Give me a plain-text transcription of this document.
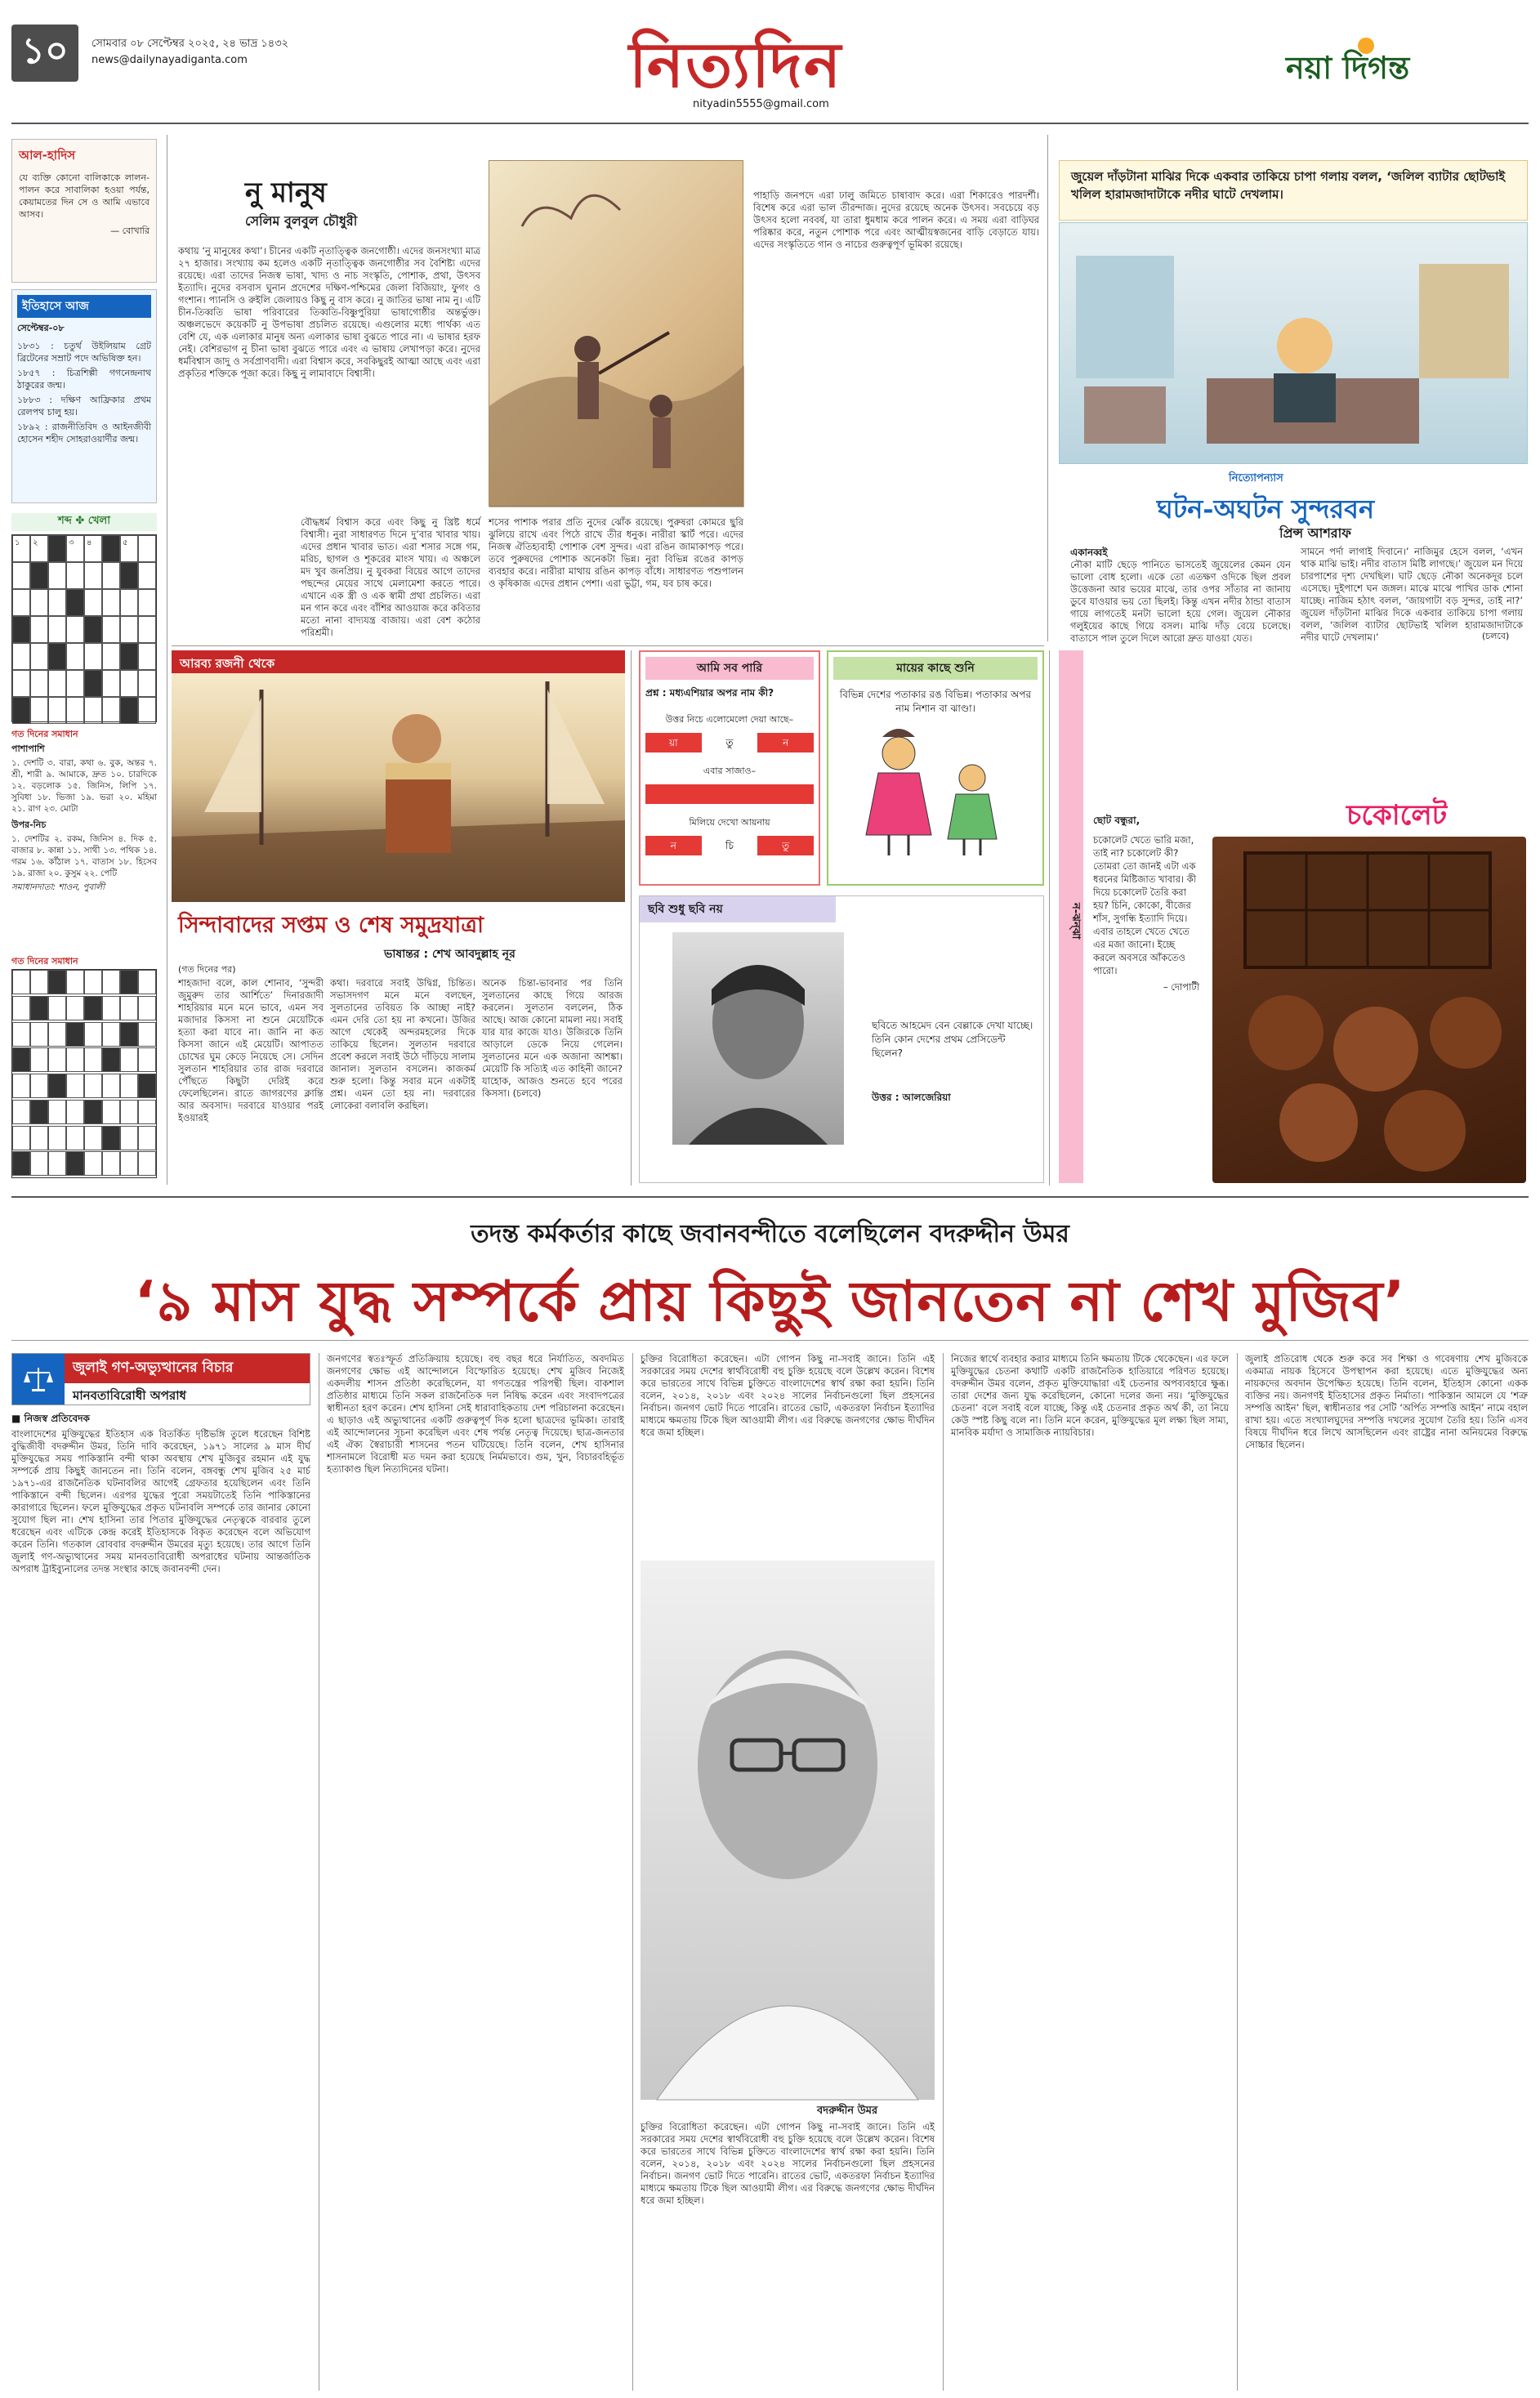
১০	সোমবার ০৮ সেপ্টেম্বর ২০২৫, ২৪ ভাদ্র ১৪৩২
news@dailynayadiganta.com	নিত্যদিন
nityadin5555@gmail.com
নয়া দিগন্ত
আল-হাদিস
যে ব্যক্তি কোনো বালিকাকে লালন-পালন করে সাবালিকা হওয়া পর্যন্ত, কেয়ামতের দিন সে ও আমি এভাবে আসব।
— বোখারি
ইতিহাসে আজ
সেপ্টেম্বর-০৮
১৮৩১ : চতুর্থ উইলিয়াম গ্রেট ব্রিটেনের সম্রাট পদে অভিষিক্ত হন।
১৮৫৭ : চিত্রশিল্পী গগনেন্দ্রনাথ ঠাকুরের জন্ম।
১৮৮৩ : দক্ষিণ আফ্রিকার প্রথম রেলপথ চালু হয়।
১৮৯২ : রাজনীতিবিদ ও আইনজীবী হোসেন শহীদ সোহরাওয়ার্দীর জন্ম।
শব্দ ✤ খেলা
১	২	৩	৪	৫
গত দিনের সমাধান
পাশাপাশি
১. দেশটি ৩. বারা, কথা ৬. বুক, অন্তর ৭. শ্রী, শারী ৯. আমাকে, দ্রুত ১০. চারদিকে ১২. বড়লোক ১৫. জিনিস, লিপি ১৭. সুবিধা ১৮. ভিজা ১৯. ভরা ২০. মহিমা ২১. রাগ ২৩. মোটা
উপর-নিচ
১. দেশটির ২. রকম, জিনিস ৪. দিক ৫. বাজার ৮. কান্না ১১. সাথী ১৩. পথিক ১৪. গরম ১৬. কাঁঠাল ১৭. বাতাস ১৮. হিসেব ১৯. রাজা ২০. কুসুম ২২. পেটি
সমাধানদাতা: শাওন, পুবালী
গত দিনের সমাধান
নু মানুষ
সেলিম বুলবুল চৌধুরী
কথায় ‘নু মানুষের কথা’। চীনের একটি নৃতাত্ত্বিক জনগোষ্ঠী। এদের জনসংখ্যা মাত্র ২৭ হাজার। সংখ্যায় কম হলেও একটি নৃতাত্ত্বিক জনগোষ্ঠীর সব বৈশিষ্ট্য এদের রয়েছে। এরা তাদের নিজস্ব ভাষা, খাদ্য ও নাচ সংস্কৃতি, পোশাক, প্রথা, উৎসব ইত্যাদি। নুদের বসবাস ঘুনান প্রদেশের দক্ষিণ-পশ্চিমের জেলা বিজিয়াং, ফুগং ও গংশান। প্যানসি ও রুইলি জেলায়ও কিছু নু বাস করে। নু জাতির ভাষা নাম নু। এটি চীন-তিব্বতি ভাষা পরিবারের তিব্বতি-বিষ্ণুপুরিয়া ভাষাগোষ্ঠীর অন্তর্ভুক্ত। অঞ্চলভেদে কয়েকটি নু উপভাষা প্রচলিত রয়েছে। এগুলোর মধ্যে পার্থক্য এত বেশি যে, এক এলাকার মানুষ অন্য এলাকার ভাষা বুঝতে পারে না। এ ভাষার হরফ নেই। বেশিরভাগ নু চীনা ভাষা বুঝতে পারে এবং এ ভাষায় লেখাপড়া করে। নুদের ধর্মবিশ্বাস জাদু ও সর্বপ্রাণবাদী। এরা বিশ্বাস করে, সবকিছুরই আত্মা আছে এবং এরা প্রকৃতির শক্তিকে পূজা করে। কিছু নু লামাবাদে বিশ্বাসী।
বৌদ্ধধর্ম বিশ্বাস করে এবং কিছু নু খ্রিষ্ট ধর্মে বিশ্বাসী। নুরা সাধারণত দিনে দু’বার খাবার খায়। এদের প্রধান খাবার ভাত। এরা শসার সঙ্গে গম, মরিচ, ছাগল ও শূকরের মাংস খায়। এ অঞ্চলে মদ খুব জনপ্রিয়। নু যুবকরা বিয়ের আগে তাদের পছন্দের মেয়ের সাথে মেলামেশা করতে পারে। এখানে এক স্ত্রী ও এক স্বামী প্রথা প্রচলিত। এরা মন গান করে এবং বাঁশির আওয়াজ করে কবিতার মতো নানা বাদ্যযন্ত্র বাজায়। এরা বেশ কঠোর পরিশ্রমী।
শসের পাশাক পরার প্রতি নুদের ঝোঁক রয়েছে। পুরুষরা কোমরে ছুরি ঝুলিয়ে রাখে এবং পিঠে রাখে তীর ধনুক। নারীরা স্কার্ট পরে। এদের নিজস্ব ঐতিহ্যবাহী পোশাক বেশ সুন্দর। এরা রঙিন জামাকাপড় পরে। তবে পুরুষদের পোশাক অনেকটা ভিন্ন। নুরা বিভিন্ন রঙের কাপড় ব্যবহার করে। নারীরা মাথায় রঙিন কাপড় বাঁধে। সাধারণত পশুপালন ও কৃষিকাজ এদের প্রধান পেশা। এরা ভুট্টা, গম, যব চাষ করে।
পাহাড়ি জনপদে এরা ঢালু জমিতে চাষাবাদ করে। এরা শিকারেও পারদর্শী। বিশেষ করে এরা ভাল তীরন্দাজ। নুদের রয়েছে অনেক উৎসব। সবচেয়ে বড় উৎসব হলো নববর্ষ, যা তারা ধুমধাম করে পালন করে। এ সময় এরা বাড়িঘর পরিষ্কার করে, নতুন পোশাক পরে এবং আত্মীয়স্বজনের বাড়ি বেড়াতে যায়। এদের সংস্কৃতিতে গান ও নাচের গুরুত্বপূর্ণ ভূমিকা রয়েছে।
জুয়েল দাঁড়টানা মাঝির দিকে একবার তাকিয়ে চাপা গলায় বলল, ‘জলিল ব্যাটার ছোটভাই খলিল হারামজাদাটাকে নদীর ঘাটে দেখলাম।
নিত্যোপন্যাস
ঘটন-অঘটন সুন্দরবন
প্রিন্স আশরাফ
একানব্বই
নৌকা মাটি ছেড়ে পানিতে ভাসতেই জুয়েলের কেমন যেন ভালো বোধ হলো। একে তো এতক্ষণ ওদিকে ছিল প্রবল উত্তেজনা আর ভয়ের মাঝে, তার ওপর সাঁতার না জানায় ডুবে যাওয়ার ভয় তো ছিলই। কিন্তু এখন নদীর ঠান্ডা বাতাস গায়ে লাগতেই মনটা ভালো হয়ে গেল। জুয়েল নৌকার গলুইয়ের কাছে গিয়ে বসল। মাঝি দাঁড় বেয়ে চলেছে। বাতাসে পাল তুলে দিলে আরো দ্রুত যাওয়া যেত।
সামনে পর্দা লাগাই দিবানে।’ নাজিমুর হেসে বলল, ‘এখন থাক মাঝি ভাই। নদীর বাতাস মিষ্টি লাগছে।’ জুয়েল মন দিয়ে চারপাশের দৃশ্য দেখছিল। ঘাট ছেড়ে নৌকা অনেকদূর চলে এসেছে। দুইপাশে ঘন জঙ্গল। মাঝে মাঝে পাখির ডাক শোনা যাচ্ছে। নাজিম হঠাৎ বলল, ‘জায়গাটা বড় সুন্দর, তাই না?’ জুয়েল দাঁড়টানা মাঝির দিকে একবার তাকিয়ে চাপা গলায় বলল, ‘জলিল ব্যাটার ছোটভাই খলিল হারামজাদাটাকে নদীর ঘাটে দেখলাম।’	(চলবে)
আরব্য রজনী থেকে
সিন্দাবাদের সপ্তম ও শেষ সমুদ্রযাত্রা
ভাষান্তর : শেখ আবদুল্লাহ নূর
(গত দিনের পর)
শাহজাদা বলে, কাল শোনাব, ‘সুন্দরী জুমুরুদ তার আর্শিতে’ দিনারজাদী শাহরিয়ার মনে মনে ভাবে, এমন সব মজাদার কিসসা না শুনে মেয়েটিকে হত্যা করা যাবে না। জানি না কত কিসসা জানে এই মেয়েটি। আপাতত চোখের ঘুম কেড়ে নিয়েছে সে। সেদিন সুলতান শাহরিয়ার তার রাজ দরবারে পৌঁছতে কিছুটা দেরিই করে ফেলেছিলেন। রাতে জাগরণের ক্লান্তি আর অবসাদ। দরবারে যাওয়ার পরই ইওয়ারই
কথা। দরবারে সবাই উদ্বিগ্ন, চিন্তিত। সভাসদগণ মনে মনে বলছেন, সুলতানের তবিয়ত কি আচ্ছা নাই? এমন দেরি তো হয় না কখনো। উজির আগে থেকেই অন্দরমহলের দিকে তাকিয়ে ছিলেন। সুলতান দরবারে প্রবেশ করলে সবাই উঠে দাঁড়িয়ে সালাম জানাল। সুলতান বসলেন। কাজকর্ম শুরু হলো। কিন্তু সবার মনে একটাই প্রশ্ন। এমন তো হয় না। দরবারের লোকেরা বলাবলি করছিল।
অনেক চিন্তা-ভাবনার পর তিনি সুলতানের কাছে গিয়ে আরজ করলেন। সুলতান বললেন, ঠিক আছে। আজ কোনো মামলা নয়। সবাই যার যার কাজে যাও। উজিরকে তিনি আড়ালে ডেকে নিয়ে গেলেন। সুলতানের মনে এক অজানা আশঙ্কা। মেয়েটি কি সত্যিই এত কাহিনী জানে? যাহোক, আজও শুনতে হবে পরের কিসসা। (চলবে)
আমি সব পারি
প্রশ্ন : মধ্যএশিয়ার অপর নাম কী?
উত্তর নিচে এলোমেলো দেয়া আছে–
য়া	তু	ন
এবার সাজাও–
মিলিয়ে দেখো আয়নায়
ন	চি	তু
মায়ের কাছে শুনি
বিভিন্ন দেশের পতাকার রঙ বিভিন্ন। পতাকার অপর নাম নিশান বা ঝাণ্ডা।
ছবি শুধু ছবি নয়
ছবিতে আহমেদ বেন বেল্লাকে দেখা যাচ্ছে। তিনি কোন দেশের প্রথম প্রেসিডেন্ট ছিলেন?
উত্তর : আলজেরিয়া
ন-ঝন্ঝা
ছোট বন্ধুরা,
চকোলেট খেতে ভারি মজা, তাই না? চকোলেট কী? তোমরা তো জানই এটা এক ধরনের মিষ্টিজাত খাবার। কী দিয়ে চকোলেট তৈরি করা হয়? চিনি, কোকো, বীজের শাঁস, সুগন্ধি ইত্যাদি দিয়ে। এবার তাহলে খেতে খেতে এর মজা জানো। ইচ্ছে করলে অবসরে আঁকতেও পারো।
– দোপাটী
চকোলেট
তদন্ত কর্মকর্তার কাছে জবানবন্দীতে বলেছিলেন বদরুদ্দীন উমর
‘৯ মাস যুদ্ধ সম্পর্কে প্রায় কিছুই জানতেন না শেখ মুজিব’
জুলাই গণ-অভ্যুত্থানের বিচার
মানবতাবিরোধী অপরাধ
■ নিজস্ব প্রতিবেদক
বাংলাদেশের মুক্তিযুদ্ধের ইতিহাস এক বিতর্কিত দৃষ্টিভঙ্গি তুলে ধরেছেন বিশিষ্ট বুদ্ধিজীবী বদরুদ্দীন উমর, তিনি দাবি করেছেন, ১৯৭১ সালের ৯ মাস দীর্ঘ মুক্তিযুদ্ধের সময় পাকিস্তানি বন্দী থাকা অবস্থায় শেখ মুজিবুর রহমান এই যুদ্ধ সম্পর্কে প্রায় কিছুই জানতেন না। তিনি বলেন, বঙ্গবন্ধু শেখ মুজিব ২৫ মার্চ ১৯৭১-এর রাজনৈতিক ঘটনাবলির আগেই গ্রেফতার হয়েছিলেন এবং তিনি পাকিস্তানে বন্দী ছিলেন। এরপর যুদ্ধের পুরো সময়টাতেই তিনি পাকিস্তানের কারাগারে ছিলেন। ফলে মুক্তিযুদ্ধের প্রকৃত ঘটনাবলি সম্পর্কে তার জানার কোনো সুযোগ ছিল না। শেখ হাসিনা তার পিতার মুক্তিযুদ্ধের নেতৃত্বকে বারবার তুলে ধরেছেন এবং এটিকে কেন্দ্র করেই ইতিহাসকে বিকৃত করেছেন বলে অভিযোগ করেন তিনি। গতকাল রোববার বদরুদ্দীন উমরের মৃত্যু হয়েছে। তার আগে তিনি জুলাই গণ-অভ্যুত্থানের সময় মানবতাবিরোধী অপরাধের ঘটনায় আন্তর্জাতিক অপরাধ ট্রাইব্যুনালের তদন্ত সংস্থার কাছে জবানবন্দী দেন।
জনগণের স্বতঃস্ফূর্ত প্রতিক্রিয়ায় হয়েছে। বহু বছর ধরে নির্যাতিত, অবদমিত জনগণের ক্ষোভ এই আন্দোলনে বিস্ফোরিত হয়েছে। শেখ মুজিব নিজেই একদলীয় শাসন প্রতিষ্ঠা করেছিলেন, যা গণতন্ত্রের পরিপন্থী ছিল। বাকশাল প্রতিষ্ঠার মাধ্যমে তিনি সকল রাজনৈতিক দল নিষিদ্ধ করেন এবং সংবাদপত্রের স্বাধীনতা হরণ করেন। শেখ হাসিনা সেই ধারাবাহিকতায় দেশ পরিচালনা করেছেন। এ ছাড়াও এই অভ্যুত্থানের একটি গুরুত্বপূর্ণ দিক হলো ছাত্রদের ভূমিকা। তারাই এই আন্দোলনের সূচনা করেছিল এবং শেষ পর্যন্ত নেতৃত্ব দিয়েছে। ছাত্র-জনতার এই ঐক্য স্বৈরাচারী শাসনের পতন ঘটিয়েছে। তিনি বলেন, শেখ হাসিনার শাসনামলে বিরোধী মত দমন করা হয়েছে নির্মমভাবে। গুম, খুন, বিচারবহির্ভূত হত্যাকাণ্ড ছিল নিত্যদিনের ঘটনা।
চুক্তির বিরোধিতা করেছেন। এটা গোপন কিছু না-সবাই জানে। তিনি এই সরকারের সময় দেশের স্বার্থবিরোধী বহু চুক্তি হয়েছে বলে উল্লেখ করেন। বিশেষ করে ভারতের সাথে বিভিন্ন চুক্তিতে বাংলাদেশের স্বার্থ রক্ষা করা হয়নি। তিনি বলেন, ২০১৪, ২০১৮ এবং ২০২৪ সালের নির্বাচনগুলো ছিল প্রহসনের নির্বাচন। জনগণ ভোট দিতে পারেনি। রাতের ভোট, একতরফা নির্বাচন ইত্যাদির মাধ্যমে ক্ষমতায় টিকে ছিল আওয়ামী লীগ। এর বিরুদ্ধে জনগণের ক্ষোভ দীর্ঘদিন ধরে জমা হচ্ছিল।
বদরুদ্দীন উমর
চুক্তির বিরোধিতা করেছেন। এটা গোপন কিছু না-সবাই জানে। তিনি এই সরকারের সময় দেশের স্বার্থবিরোধী বহু চুক্তি হয়েছে বলে উল্লেখ করেন। বিশেষ করে ভারতের সাথে বিভিন্ন চুক্তিতে বাংলাদেশের স্বার্থ রক্ষা করা হয়নি। তিনি বলেন, ২০১৪, ২০১৮ এবং ২০২৪ সালের নির্বাচনগুলো ছিল প্রহসনের নির্বাচন। জনগণ ভোট দিতে পারেনি। রাতের ভোট, একতরফা নির্বাচন ইত্যাদির মাধ্যমে ক্ষমতায় টিকে ছিল আওয়ামী লীগ। এর বিরুদ্ধে জনগণের ক্ষোভ দীর্ঘদিন ধরে জমা হচ্ছিল।
নিজের স্বার্থে ব্যবহার করার মাধ্যমে তিনি ক্ষমতায় টিকে থেকেছেন। এর ফলে মুক্তিযুদ্ধের চেতনা কথাটি একটি রাজনৈতিক হাতিয়ারে পরিণত হয়েছে। বদরুদ্দীন উমর বলেন, প্রকৃত মুক্তিযোদ্ধারা এই চেতনার অপব্যবহারে ক্ষুব্ধ। তারা দেশের জন্য যুদ্ধ করেছিলেন, কোনো দলের জন্য নয়। ‘মুক্তিযুদ্ধের চেতনা’ বলে সবাই বলে যাচ্ছে, কিন্তু এই চেতনার প্রকৃত অর্থ কী, তা নিয়ে কেউ স্পষ্ট কিছু বলে না। তিনি মনে করেন, মুক্তিযুদ্ধের মূল লক্ষ্য ছিল সাম্য, মানবিক মর্যাদা ও সামাজিক ন্যায়বিচার।
জুলাই প্রতিরোধ থেকে শুরু করে সব শিক্ষা ও গবেষণায় শেখ মুজিবকে একমাত্র নায়ক হিসেবে উপস্থাপন করা হয়েছে। এতে মুক্তিযুদ্ধের অন্য নায়কদের অবদান উপেক্ষিত হয়েছে। তিনি বলেন, ইতিহাস কোনো একক ব্যক্তির নয়। জনগণই ইতিহাসের প্রকৃত নির্মাতা। পাকিস্তান আমলে যে ‘শত্রু সম্পত্তি আইন’ ছিল, স্বাধীনতার পর সেটি ‘অর্পিত সম্পত্তি আইন’ নামে বহাল রাখা হয়। এতে সংখ্যালঘুদের সম্পত্তি দখলের সুযোগ তৈরি হয়। তিনি এসব বিষয়ে দীর্ঘদিন ধরে লিখে আসছিলেন এবং রাষ্ট্রের নানা অনিয়মের বিরুদ্ধে সোচ্চার ছিলেন।
